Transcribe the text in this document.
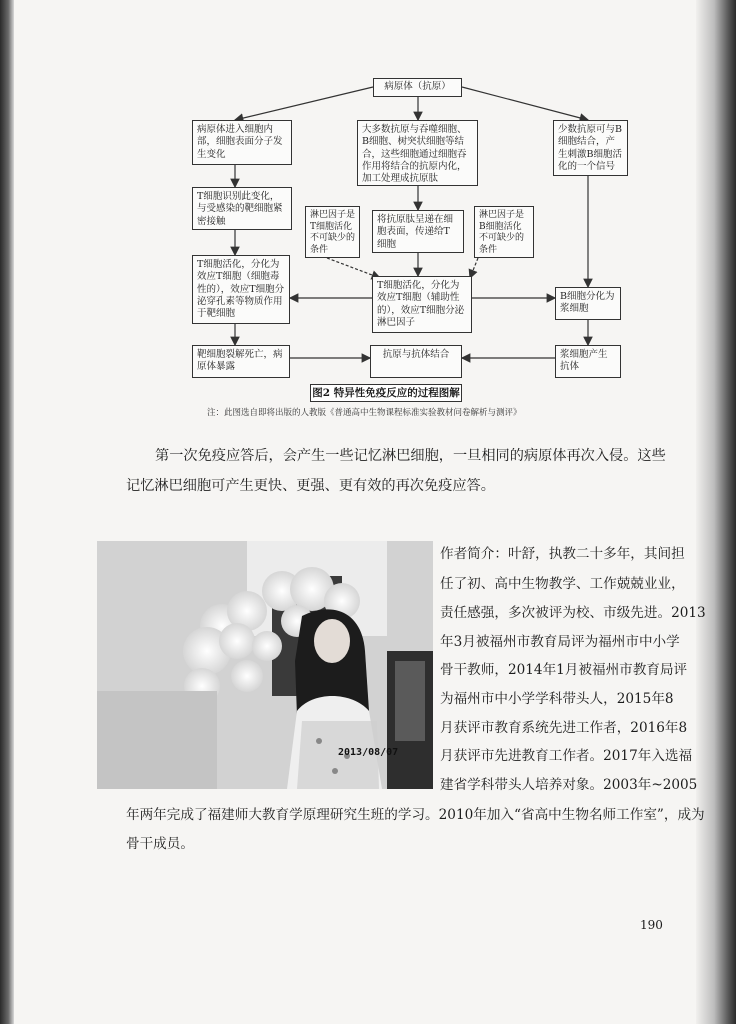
病原体（抗原）
病原体进入细胞内部，细胞表面分子发生变化
T细胞识别此变化，与受感染的靶细胞紧密接触
T细胞活化，分化为效应T细胞（细胞毒性的），效应T细胞分泌穿孔素等物质作用于靶细胞
靶细胞裂解死亡，病原体暴露
大多数抗原与吞噬细胞、B细胞、树突状细胞等结合，这些细胞通过细胞吞作用将结合的抗原内化，加工处理成抗原肽
将抗原肽呈递在细胞表面，传递给T细胞
T细胞活化，分化为效应T细胞（辅助性的），效应T细胞分泌淋巴因子
抗原与抗体结合
少数抗原可与B细胞结合，产生刺激B细胞活化的一个信号
B细胞分化为浆细胞
浆细胞产生抗体
淋巴因子是T细胞活化不可缺少的条件
淋巴因子是B细胞活化不可缺少的条件
图2 特异性免疫反应的过程图解
注：此图选自即将出版的人教版《普通高中生物课程标准实验教材问卷解析与测评》
第一次免疫应答后，会产生一些记忆淋巴细胞，一旦相同的病原体再次入侵。这些
记忆淋巴细胞可产生更快、更强、更有效的再次免疫应答。
2013/08/07
作者简介：叶舒，执教二十多年，其间担
任了初、高中生物教学、工作兢兢业业，
责任感强，多次被评为校、市级先进。2013
年3月被福州市教育局评为福州市中小学
骨干教师，2014年1月被福州市教育局评
为福州市中小学学科带头人，2015年8
月获评市教育系统先进工作者，2016年8
月获评市先进教育工作者。2017年入选福
建省学科带头人培养对象。2003年~2005
年两年完成了福建师大教育学原理研究生班的学习。2010年加入“省高中生物名师工作室”，成为
骨干成员。
190
